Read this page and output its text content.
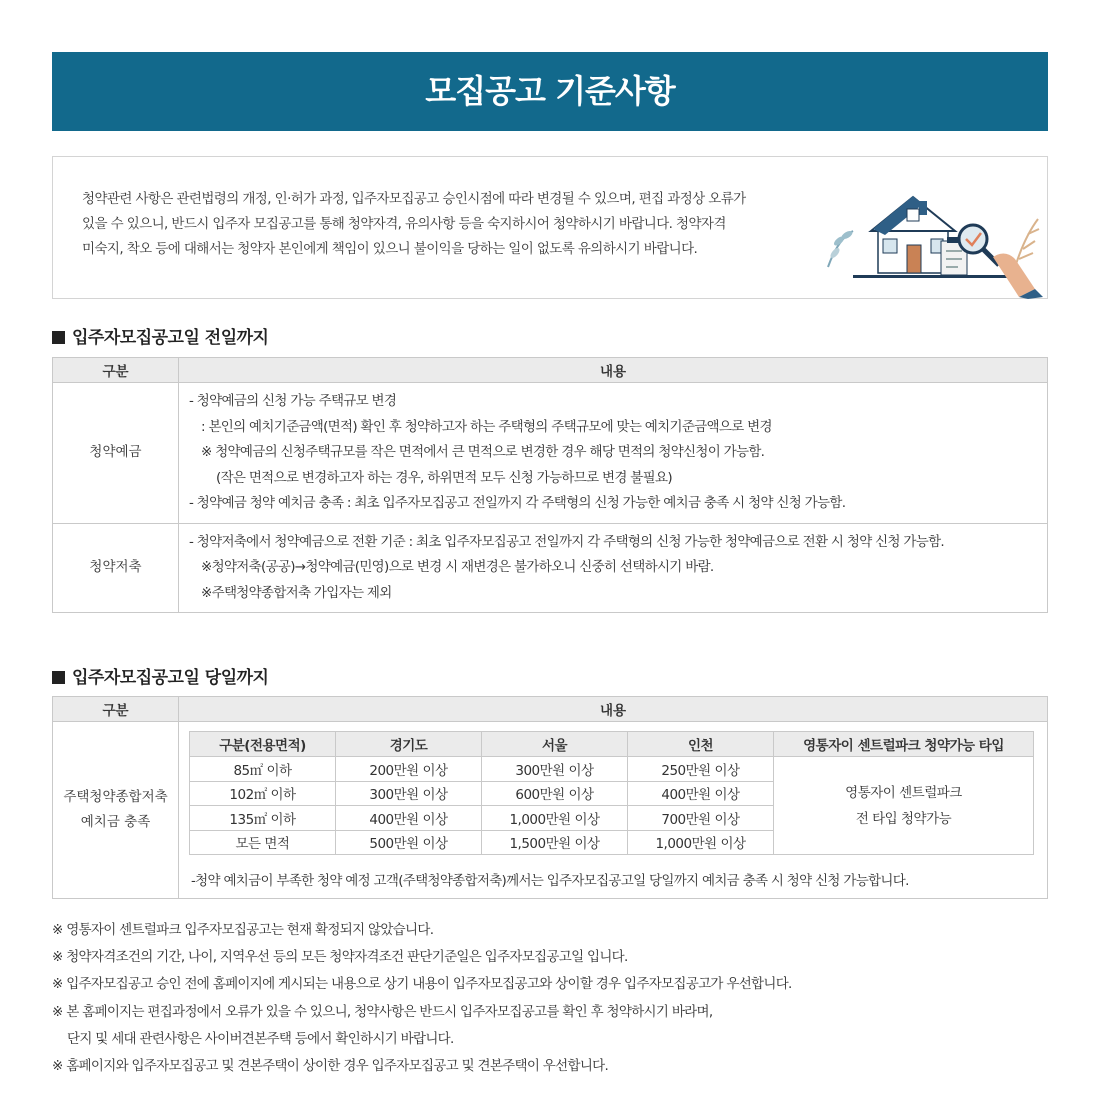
모집공고 기준사항

청약관련 사항은 관련법령의 개정, 인·허가 과정, 입주자모집공고 승인시점에 따라 변경될 수 있으며, 편집 과정상 오류가

있을 수 있으니, 반드시 입주자 모집공고를 통해 청약자격, 유의사항 등을 숙지하시어 청약하시기 바랍니다. 청약자격

미숙지, 착오 등에 대해서는 청약자 본인에게 책임이 있으니 불이익을 당하는 일이 없도록 유의하시기 바랍니다.

입주자모집공고일 전일까지
구분	내용
청약예금	- 청약예금의 신청 가능 주택규모 변경

: 본인의 예치기준금액(면적) 확인 후 청약하고자 하는 주택형의 주택규모에 맞는 예치기준금액으로 변경

※ 청약예금의 신청주택규모를 작은 면적에서 큰 면적으로 변경한 경우 해당 면적의 청약신청이 가능함.

(작은 면적으로 변경하고자 하는 경우, 하위면적 모두 신청 가능하므로 변경 불필요)

- 청약예금 청약 예치금 충족 : 최초 입주자모집공고 전일까지 각 주택형의 신청 가능한 예치금 충족 시 청약 신청 가능함.

청약저축	- 청약저축에서 청약예금으로 전환 기준 : 최초 입주자모집공고 전일까지 각 주택형의 신청 가능한 청약예금으로 전환 시 청약 신청 가능함.

※청약저축(공공)→청약예금(민영)으로 변경 시 재변경은 불가하오니 신중히 선택하시기 바람.

※주택청약종합저축 가입자는 제외

입주자모집공고일 당일까지
구분	내용

주택청약종합저축
예치금 충족

구분(전용면적)	경기도	서울	인천	영통자이 센트럴파크 청약가능 타입
85㎡ 이하	200만원 이상	300만원 이상	250만원 이상	
영통자이 센트럴파크
전 타입 청약가능

102㎡ 이하	300만원 이상	600만원 이상	400만원 이상
135㎡ 이하	400만원 이상	1,000만원 이상	700만원 이상
모든 면적	500만원 이상	1,500만원 이상	1,000만원 이상
-청약 예치금이 부족한 청약 예정 고객(주택청약종합저축)께서는 입주자모집공고일 당일까지 예치금 충족 시 청약 신청 가능합니다.

※ 영통자이 센트럴파크 입주자모집공고는 현재 확정되지 않았습니다.

※ 청약자격조건의 기간, 나이, 지역우선 등의 모든 청약자격조건 판단기준일은 입주자모집공고일 입니다.

※ 입주자모집공고 승인 전에 홈페이지에 게시되는 내용으로 상기 내용이 입주자모집공고와 상이할 경우 입주자모집공고가 우선합니다.

※ 본 홈페이지는 편집과정에서 오류가 있을 수 있으니, 청약사항은 반드시 입주자모집공고를 확인 후 청약하시기 바라며,

단지 및 세대 관련사항은 사이버견본주택 등에서 확인하시기 바랍니다.

※ 홈페이지와 입주자모집공고 및 견본주택이 상이한 경우 입주자모집공고 및 견본주택이 우선합니다.
